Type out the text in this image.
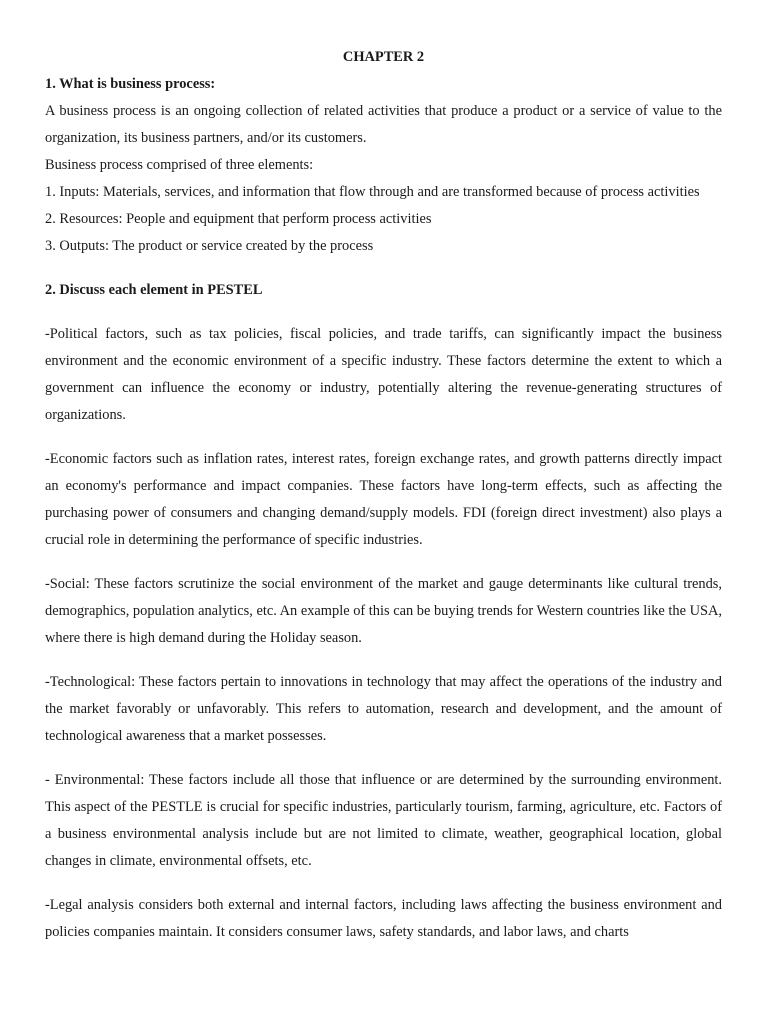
CHAPTER 2

1. What is business process:

A business process is an ongoing collection of related activities that produce a product or a service of value to the organization, its business partners, and/or its customers.

Business process comprised of three elements:

1. Inputs: Materials, services, and information that flow through and are transformed because of process activities

2. Resources: People and equipment that perform process activities

3. Outputs: The product or service created by the process

2. Discuss each element in PESTEL

-Political factors, such as tax policies, fiscal policies, and trade tariffs, can significantly impact the business environment and the economic environment of a specific industry. These factors determine the extent to which a government can influence the economy or industry, potentially altering the revenue-generating structures of organizations.

-Economic factors such as inflation rates, interest rates, foreign exchange rates, and growth patterns directly impact an economy's performance and impact companies. These factors have long-term effects, such as affecting the purchasing power of consumers and changing demand/supply models. FDI (foreign direct investment) also plays a crucial role in determining the performance of specific industries.

-Social: These factors scrutinize the social environment of the market and gauge determinants like cultural trends, demographics, population analytics, etc. An example of this can be buying trends for Western countries like the USA, where there is high demand during the Holiday season.

-Technological: These factors pertain to innovations in technology that may affect the operations of the industry and the market favorably or unfavorably. This refers to automation, research and development, and the amount of technological awareness that a market possesses.

- Environmental: These factors include all those that influence or are determined by the surrounding environment. This aspect of the PESTLE is crucial for specific industries, particularly tourism, farming, agriculture, etc. Factors of a business environmental analysis include but are not limited to climate, weather, geographical location, global changes in climate, environmental offsets, etc.

-Legal analysis considers both external and internal factors, including laws affecting the business environment and policies companies maintain. It considers consumer laws, safety standards, and labor laws, and charts
